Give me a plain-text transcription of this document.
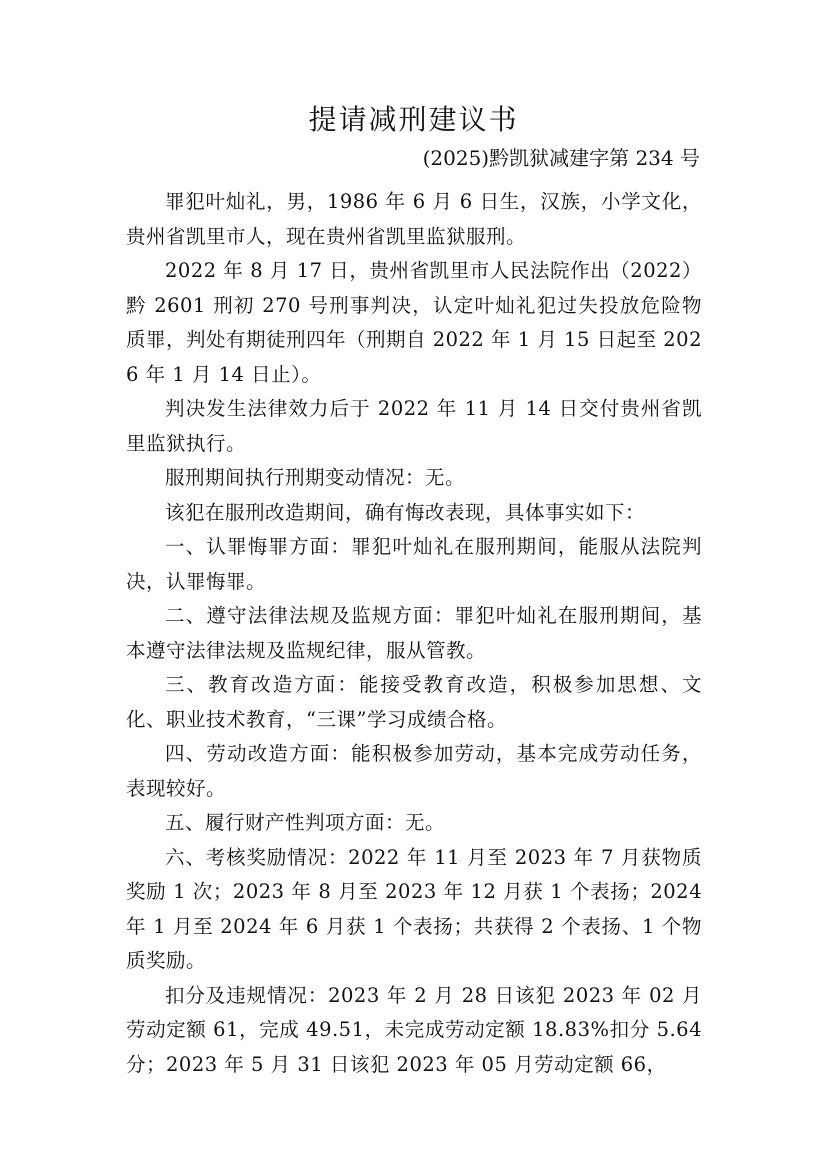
提请减刑建议书
(2025)黔凯狱减建字第 234 号

罪犯叶灿礼，男，1986 年 6 月 6 日生，汉族，小学文化，贵州省凯里市人，现在贵州省凯里监狱服刑。

2022 年 8 月 17 日，贵州省凯里市人民法院作出（2022）黔 2601 刑初 270 号刑事判决，认定叶灿礼犯过失投放危险物质罪，判处有期徒刑四年（刑期自 2022 年 1 月 15 日起至 2026 年 1 月 14 日止）。

判决发生法律效力后于 2022 年 11 月 14 日交付贵州省凯里监狱执行。

服刑期间执行刑期变动情况：无。

该犯在服刑改造期间，确有悔改表现，具体事实如下：

一、认罪悔罪方面：罪犯叶灿礼在服刑期间，能服从法院判决，认罪悔罪。

二、遵守法律法规及监规方面：罪犯叶灿礼在服刑期间，基本遵守法律法规及监规纪律，服从管教。

三、教育改造方面：能接受教育改造，积极参加思想、文化、职业技术教育，“三课”学习成绩合格。

四、劳动改造方面：能积极参加劳动，基本完成劳动任务，表现较好。

五、履行财产性判项方面：无。

六、考核奖励情况：2022 年 11 月至 2023 年 7 月获物质奖励 1 次；2023 年 8 月至 2023 年 12 月获 1 个表扬；2024 年 1 月至 2024 年 6 月获 1 个表扬；共获得 2 个表扬、1 个物质奖励。

扣分及违规情况：2023 年 2 月 28 日该犯 2023 年 02 月劳动定额 61，完成 49.51，未完成劳动定额 18.83%扣分 5.64 分；2023 年 5 月 31 日该犯 2023 年 05 月劳动定额 66，
